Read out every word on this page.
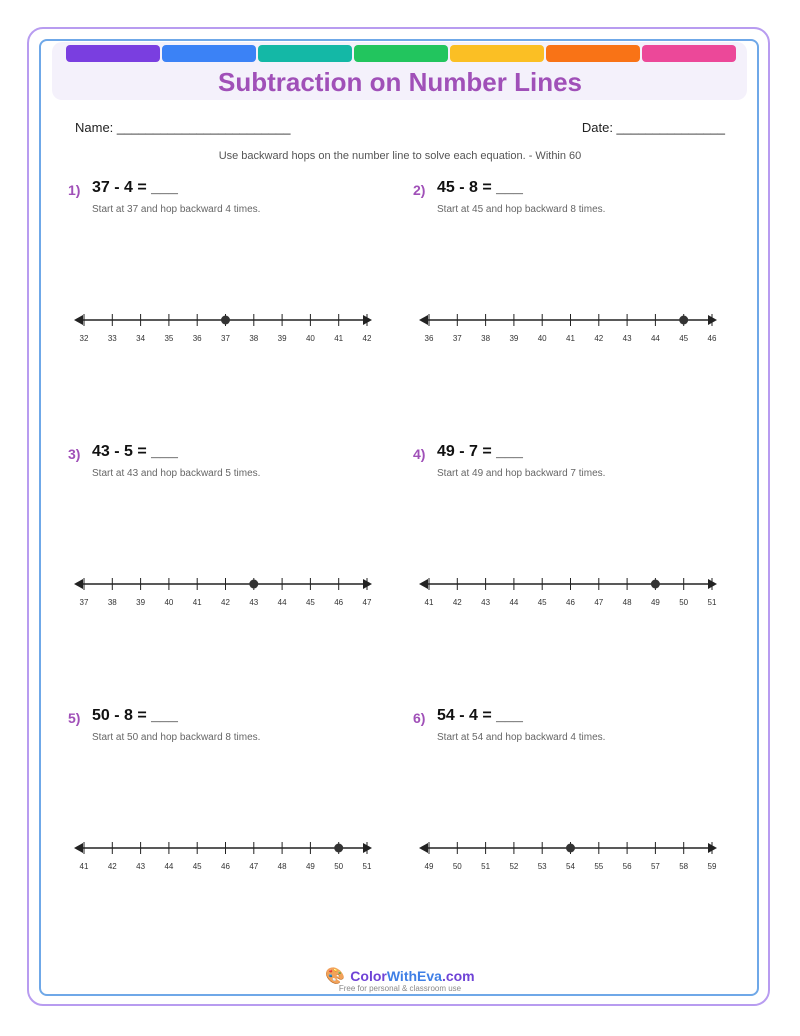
Subtraction on Number Lines
Name: ________________________	Date: _______________
Use backward hops on the number line to solve each equation. - Within 60
1) 37 - 4 = ___
Start at 37 and hop backward 4 times.
32 33 34 35 36 37 38 39 40 41 42
2) 45 - 8 = ___
Start at 45 and hop backward 8 times.
36 37 38 39 40 41 42 43 44 45 46
3) 43 - 5 = ___
Start at 43 and hop backward 5 times.
37 38 39 40 41 42 43 44 45 46 47
4) 49 - 7 = ___
Start at 49 and hop backward 7 times.
41 42 43 44 45 46 47 48 49 50 51
5) 50 - 8 = ___
Start at 50 and hop backward 8 times.
41 42 43 44 45 46 47 48 49 50 51
6) 54 - 4 = ___
Start at 54 and hop backward 4 times.
49 50 51 52 53 54 55 56 57 58 59
🎨 ColorWithEva.com
Free for personal & classroom use
